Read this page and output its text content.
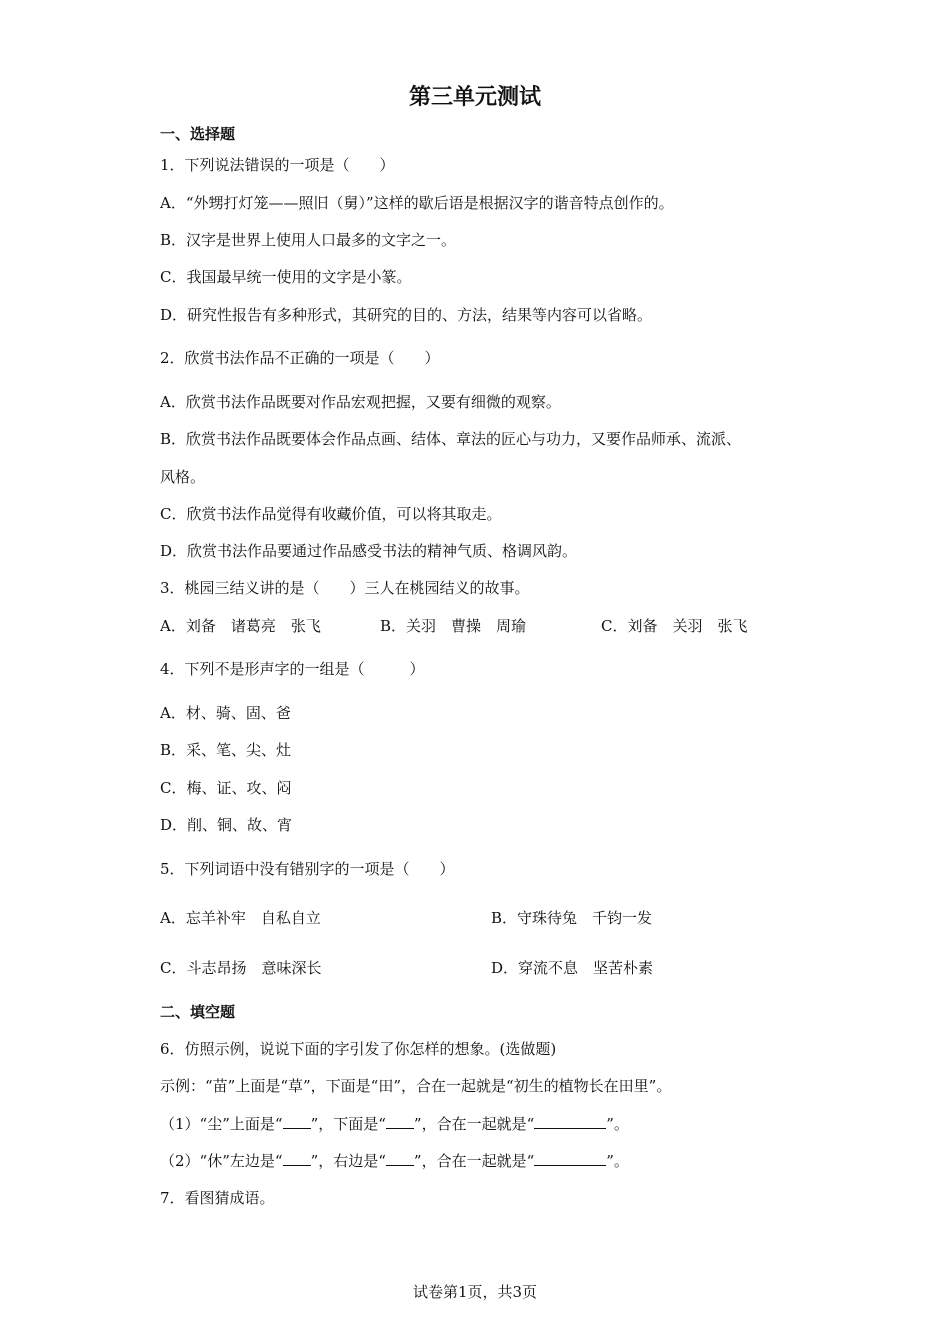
第三单元测试
一、选择题
1．下列说法错误的一项是（　　）
A．“外甥打灯笼——照旧（舅）”这样的歇后语是根据汉字的谐音特点创作的。
B．汉字是世界上使用人口最多的文字之一。
C．我国最早统一使用的文字是小篆。
D．研究性报告有多种形式，其研究的目的、方法，结果等内容可以省略。
2．欣赏书法作品不正确的一项是（　　）
A．欣赏书法作品既要对作品宏观把握，又要有细微的观察。
B．欣赏书法作品既要体会作品点画、结体、章法的匠心与功力，又要作品师承、流派、
风格。
C．欣赏书法作品觉得有收藏价值，可以将其取走。
D．欣赏书法作品要通过作品感受书法的精神气质、格调风韵。
3．桃园三结义讲的是（　　）三人在桃园结义的故事。
A．刘备　诸葛亮　张飞	B．关羽　曹操　周瑜	C．刘备　关羽　张飞
4．下列不是形声字的一组是（　　　）
A．材、骑、固、爸
B．采、笔、尖、灶
C．梅、证、攻、闷
D．削、铜、故、宵
5．下列词语中没有错别字的一项是（　　）
A．忘羊补牢　自私自立	B．守珠待兔　千钧一发
C．斗志昂扬　意味深长	D．穿流不息　坚苦朴素
二、填空题
6．仿照示例，说说下面的字引发了你怎样的想象。(选做题)
示例：“苗”上面是“草”，下面是“田”，合在一起就是“初生的植物长在田里”。
（1）“尘”上面是“ ”，下面是“ ”，合在一起就是“	”。
（2）“休”左边是“ ”，右边是“ ”，合在一起就是“	”。
7．看图猜成语。
试卷第1页，共3页
